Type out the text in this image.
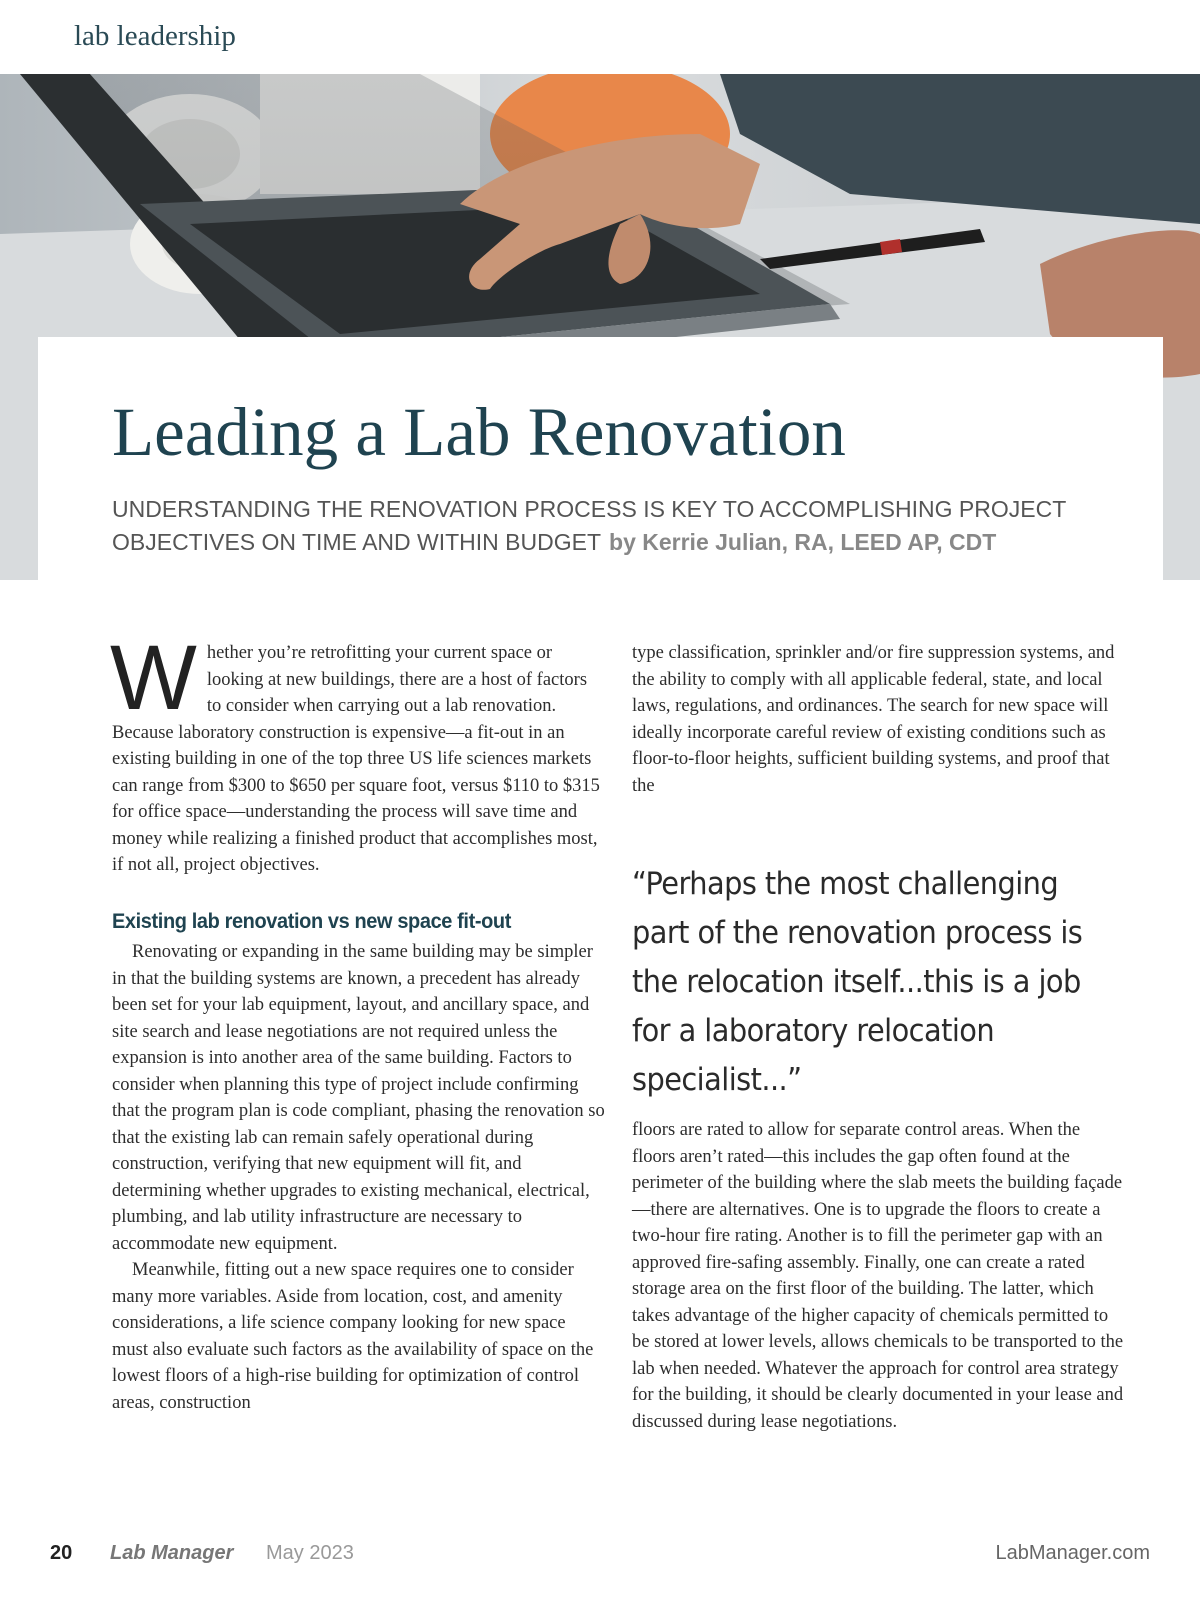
lab leadership
Leading a Lab Renovation
UNDERSTANDING THE RENOVATION PROCESS IS KEY TO ACCOMPLISHING PROJECT OBJECTIVES ON TIME AND WITHIN BUDGET by Kerrie Julian, RA, LEED AP, CDT

Whether you’re retrofitting your current space or looking at new buildings, there are a host of factors to consider when carrying out a lab renovation. Because laboratory construction is expensive—a fit-out in an existing building in one of the top three US life sciences markets can range from $300 to $650 per square foot, versus $110 to $315 for office space—understanding the process will save time and money while realizing a finished product that accomplishes most, if not all, project objectives.

Existing lab renovation vs new space fit-out

Renovating or expanding in the same building may be simpler in that the building systems are known, a precedent has already been set for your lab equipment, layout, and ancillary space, and site search and lease negotiations are not required unless the expansion is into another area of the same building. Factors to consider when planning this type of project include confirming that the program plan is code compliant, phasing the renovation so that the existing lab can remain safely operational during construction, verifying that new equipment will fit, and determining whether upgrades to existing mechanical, electrical, plumbing, and lab utility infrastructure are necessary to accommodate new equipment.

Meanwhile, fitting out a new space requires one to consider many more variables. Aside from location, cost, and amenity considerations, a life science company looking for new space must also evaluate such factors as the availability of space on the lowest floors of a high-rise building for optimization of control areas, construction

type classification, sprinkler and/or fire suppression systems, and the ability to comply with all applicable federal, state, and local laws, regulations, and ordinances. The search for new space will ideally incorporate careful review of existing conditions such as floor-to-floor heights, sufficient building systems, and proof that the

“Perhaps the most challenging part of the renovation process is the relocation itself...this is a job for a laboratory relocation specialist...”

floors are rated to allow for separate control areas. When the floors aren’t rated—this includes the gap often found at the perimeter of the building where the slab meets the building façade—there are alternatives. One is to upgrade the floors to create a two-hour fire rating. Another is to fill the perimeter gap with an approved fire-safing assembly. Finally, one can create a rated storage area on the first floor of the building. The latter, which takes advantage of the higher capacity of chemicals permitted to be stored at lower levels, allows chemicals to be transported to the lab when needed. Whatever the approach for control area strategy for the building, it should be clearly documented in your lease and discussed during lease negotiations.

20 Lab Manager May 2023	LabManager.com
